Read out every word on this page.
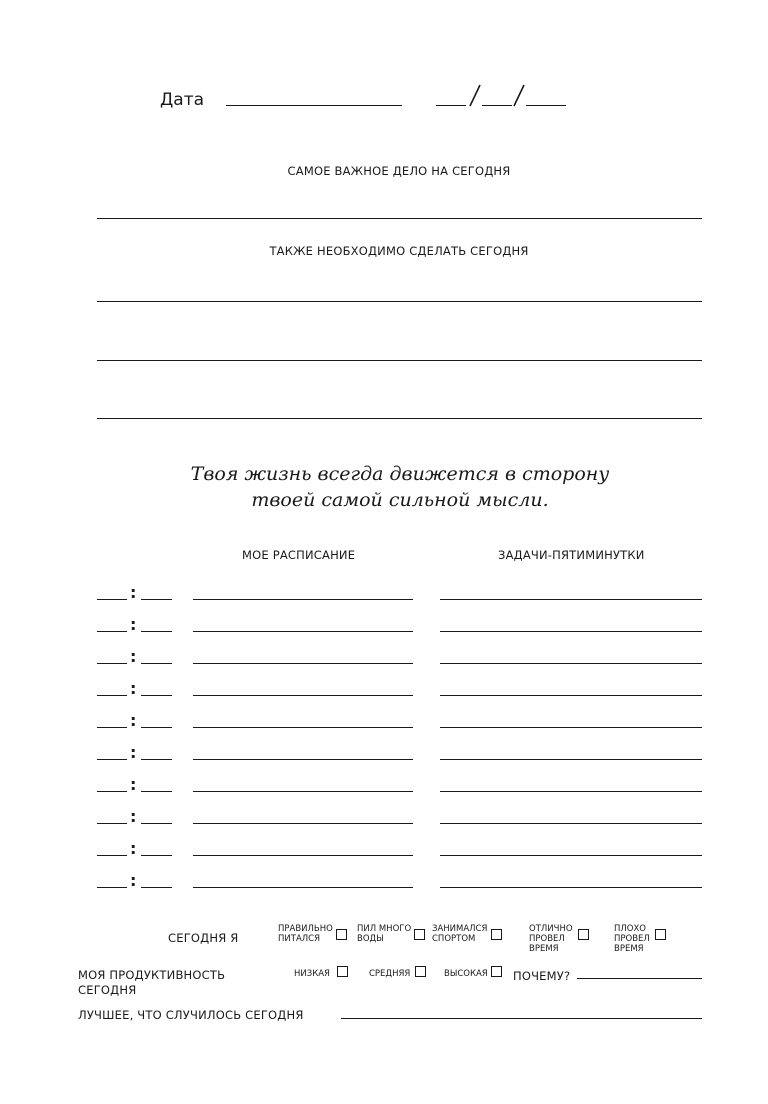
Дата
САМОЕ ВАЖНОЕ ДЕЛО НА СЕГОДНЯ
ТАКЖЕ НЕОБХОДИМО СДЕЛАТЬ СЕГОДНЯ
Твоя жизнь всегда движется в сторону
твоей самой сильной мысли.
МОЕ РАСПИСАНИЕ	ЗАДАЧИ-ПЯТИМИНУТКИ
:
:
:
:
:
:
:
:
:
:
СЕГОДНЯ Я
ПРАВИЛЬНО
ПИТАЛСЯ
ПИЛ МНОГО
ВОДЫ
ЗАНИМАЛСЯ
СПОРТОМ
ОТЛИЧНО
ПРОВЕЛ
ВРЕМЯ
ПЛОХО
ПРОВЕЛ
ВРЕМЯ
МОЯ ПРОДУКТИВНОСТЬ
СЕГОДНЯ
НИЗКАЯ	СРЕДНЯЯ	ВЫСОКАЯ ПОЧЕМУ?
ЛУЧШЕЕ, ЧТО СЛУЧИЛОСЬ СЕГОДНЯ
